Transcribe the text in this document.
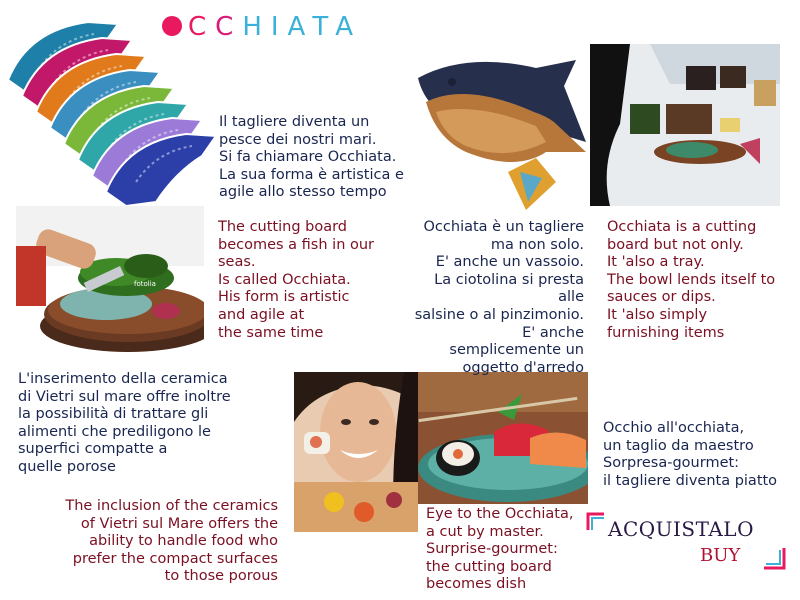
CCHIATA
fotolia
Il tagliere diventa un
pesce dei nostri mari.
Si fa chiamare Occhiata.
La sua forma è artistica e
agile allo stesso tempo
The cutting board
becomes a fish in our
seas.
Is called Occhiata.
His form is artistic
and agile at
the same time
Occhiata è un tagliere
ma non solo.
E' anche un vassoio.
La ciotolina si presta alle
salsine o al pinzimonio.
E' anche
semplicemente un
oggetto d'arredo
Occhiata is a cutting
board but not only.
It 'also a tray.
The bowl lends itself to
sauces or dips.
It 'also simply
furnishing items
L'inserimento della ceramica
di Vietri sul mare offre inoltre
la possibilità di trattare gli
alimenti che prediligono le
superfici compatte a
quelle porose
The inclusion of the ceramics
of Vietri sul Mare offers the
ability to handle food who
prefer the compact surfaces
to those porous
Occhio all'occhiata,
un taglio da maestro
Sorpresa-gourmet:
il tagliere diventa piatto
Eye to the Occhiata,
a cut by master.
Surprise-gourmet:
the cutting board
becomes dish
ACQUISTALO
BUY
